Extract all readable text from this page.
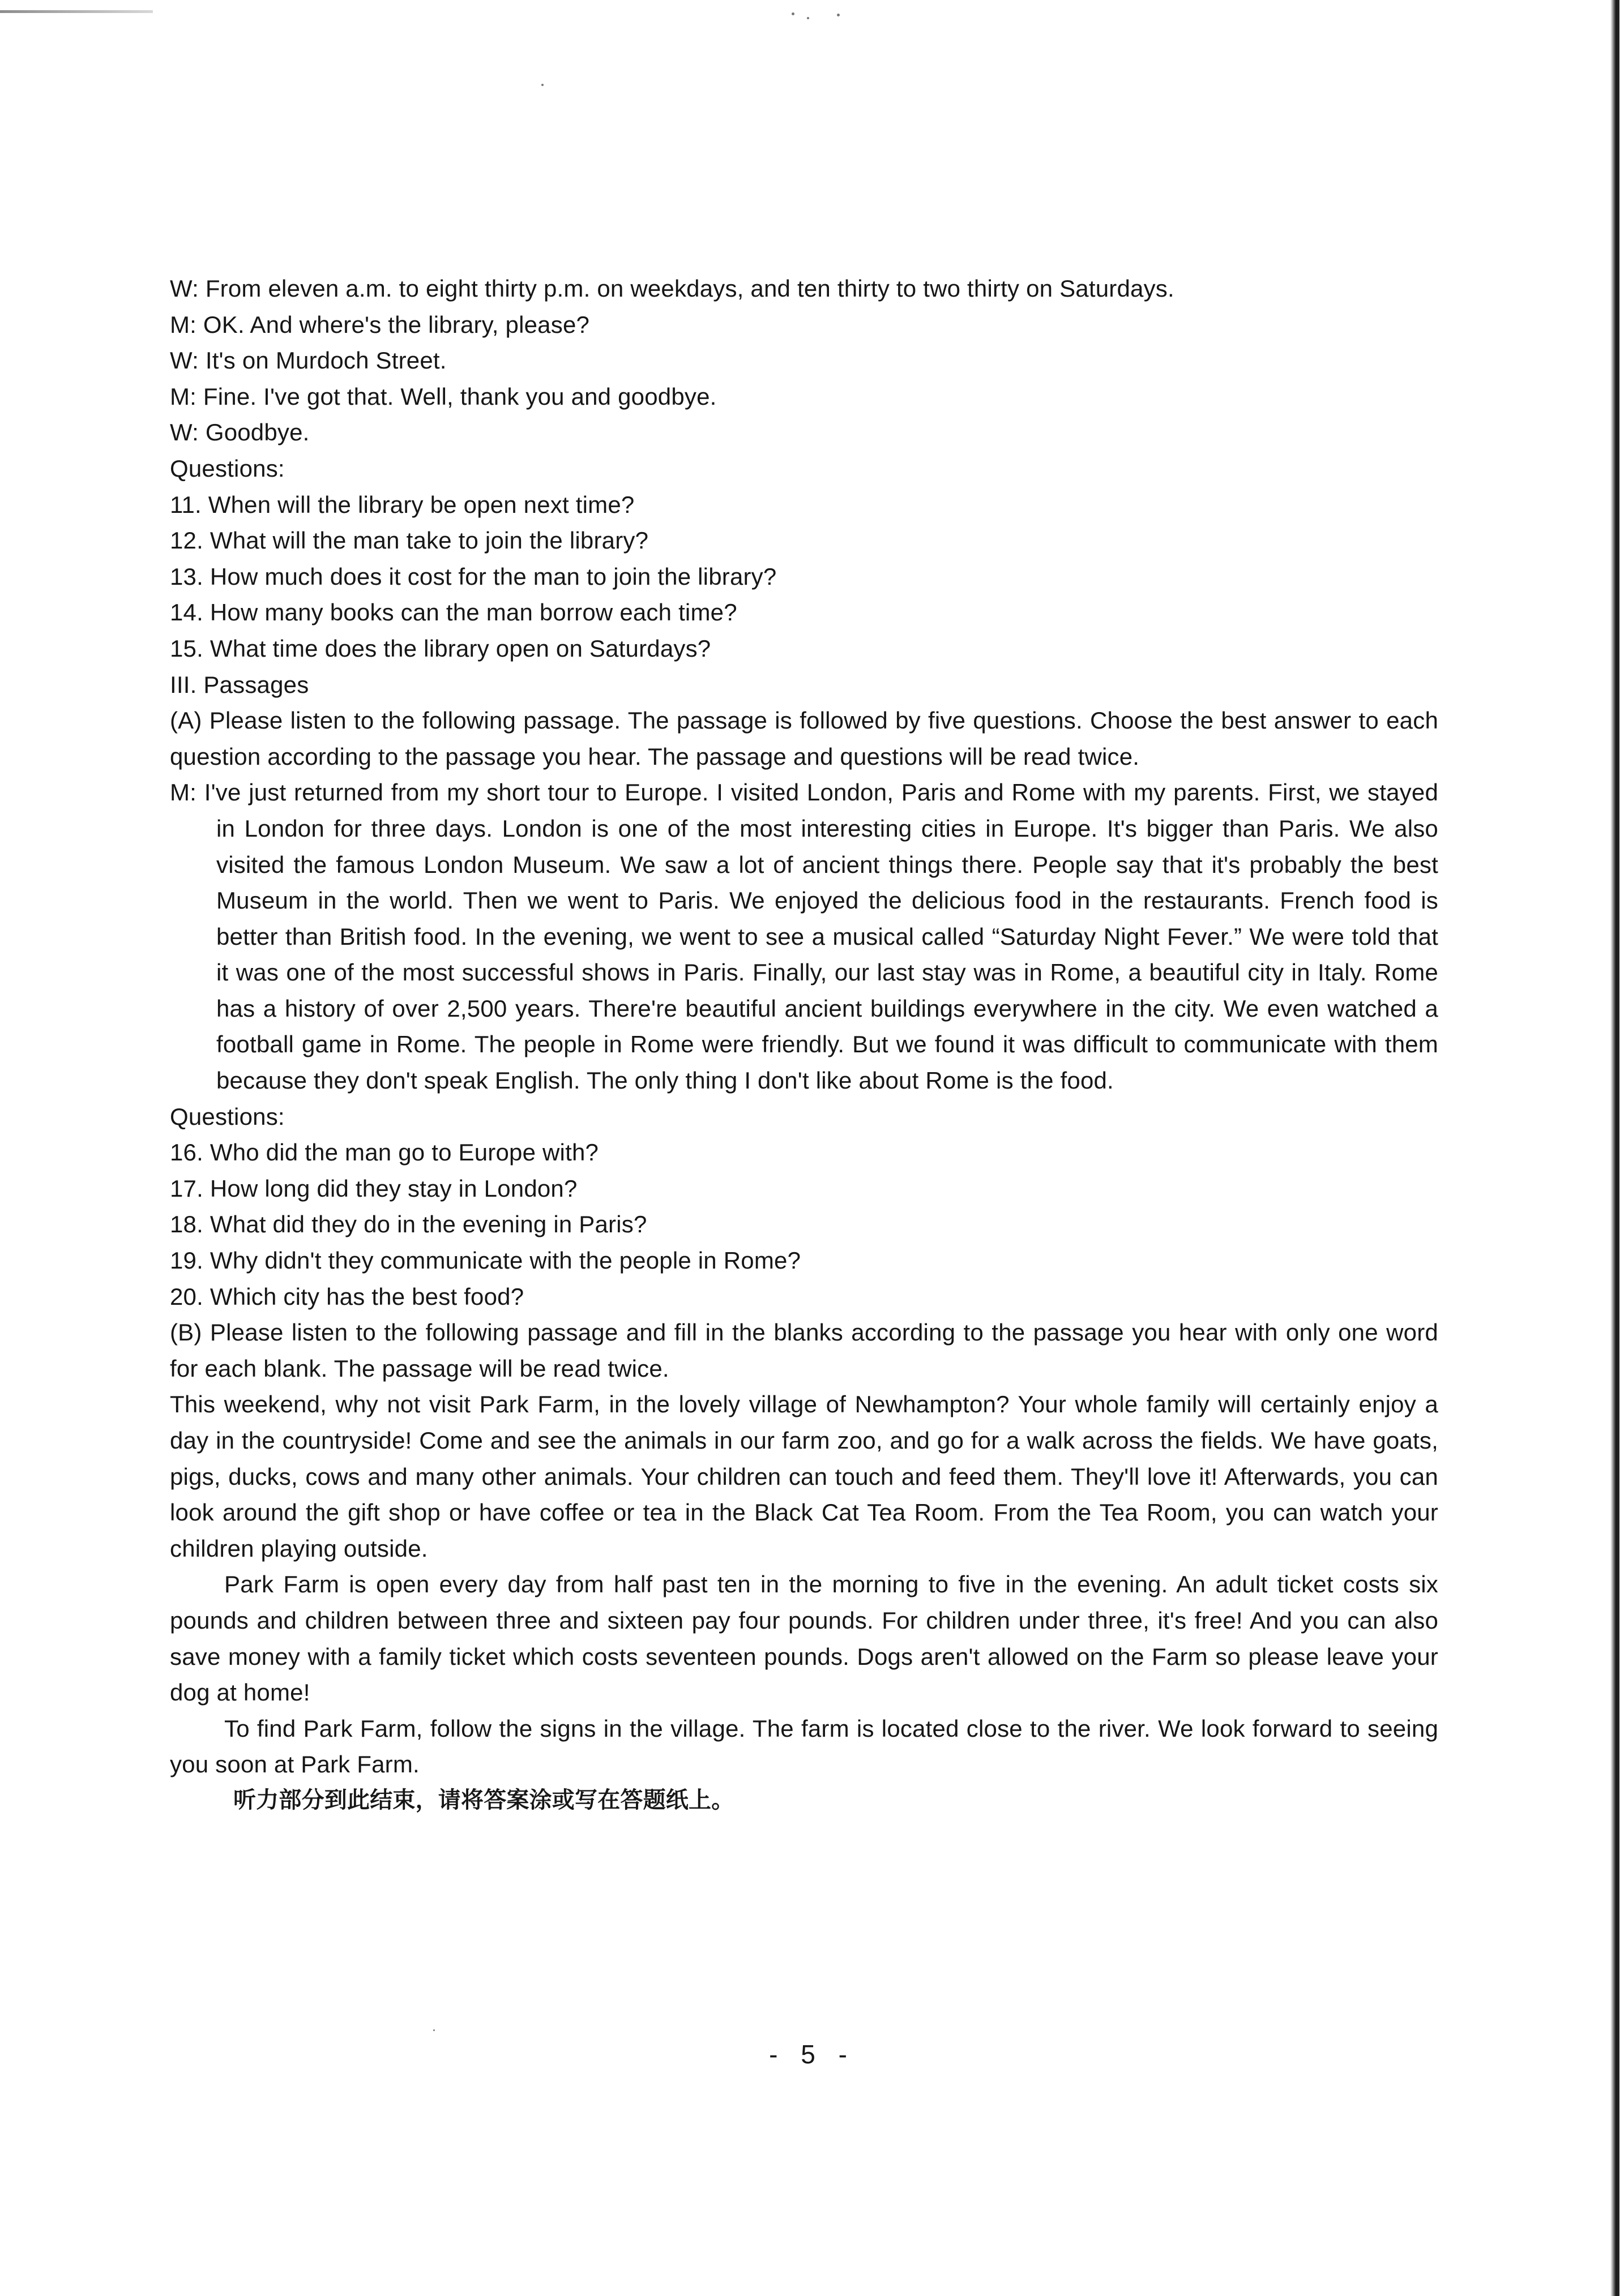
W: From eleven a.m. to eight thirty p.m. on weekdays, and ten thirty to two thirty on Saturdays.
M: OK. And where's the library, please?
W: It's on Murdoch Street.
M: Fine. I've got that. Well, thank you and goodbye.
W: Goodbye.
Questions:
11. When will the library be open next time?
12. What will the man take to join the library?
13. How much does it cost for the man to join the library?
14. How many books can the man borrow each time?
15. What time does the library open on Saturdays?
III. Passages
(A) Please listen to the following passage. The passage is followed by five questions. Choose the best answer to each question according to the passage you hear. The passage and questions will be read twice.
M: I've just returned from my short tour to Europe. I visited London, Paris and Rome with my parents. First, we stayed in London for three days. London is one of the most interesting cities in Europe. It's bigger than Paris. We also visited the famous London Museum. We saw a lot of ancient things there. People say that it's probably the best Museum in the world. Then we went to Paris. We enjoyed the delicious food in the restaurants. French food is better than British food. In the evening, we went to see a musical called “Saturday Night Fever.” We were told that it was one of the most successful shows in Paris. Finally, our last stay was in Rome, a beautiful city in Italy. Rome has a history of over 2,500 years. There're beautiful ancient buildings everywhere in the city. We even watched a football game in Rome. The people in Rome were friendly. But we found it was difficult to communicate with them because they don't speak English. The only thing I don't like about Rome is the food.
Questions:
16. Who did the man go to Europe with?
17. How long did they stay in London?
18. What did they do in the evening in Paris?
19. Why didn't they communicate with the people in Rome?
20. Which city has the best food?
(B) Please listen to the following passage and fill in the blanks according to the passage you hear with only one word for each blank. The passage will be read twice.
This weekend, why not visit Park Farm, in the lovely village of Newhampton? Your whole family will certainly enjoy a day in the countryside! Come and see the animals in our farm zoo, and go for a walk across the fields. We have goats, pigs, ducks, cows and many other animals. Your children can touch and feed them. They'll love it! Afterwards, you can look around the gift shop or have coffee or tea in the Black Cat Tea Room. From the Tea Room, you can watch your children playing outside.
Park Farm is open every day from half past ten in the morning to five in the evening. An adult ticket costs six pounds and children between three and sixteen pay four pounds. For children under three, it's free! And you can also save money with a family ticket which costs seventeen pounds. Dogs aren't allowed on the Farm so please leave your dog at home!
To find Park Farm, follow the signs in the village. The farm is located close to the river. We look forward to seeing you soon at Park Farm.
听力部分到此结束，请将答案涂或写在答题纸上。
- 5 -
